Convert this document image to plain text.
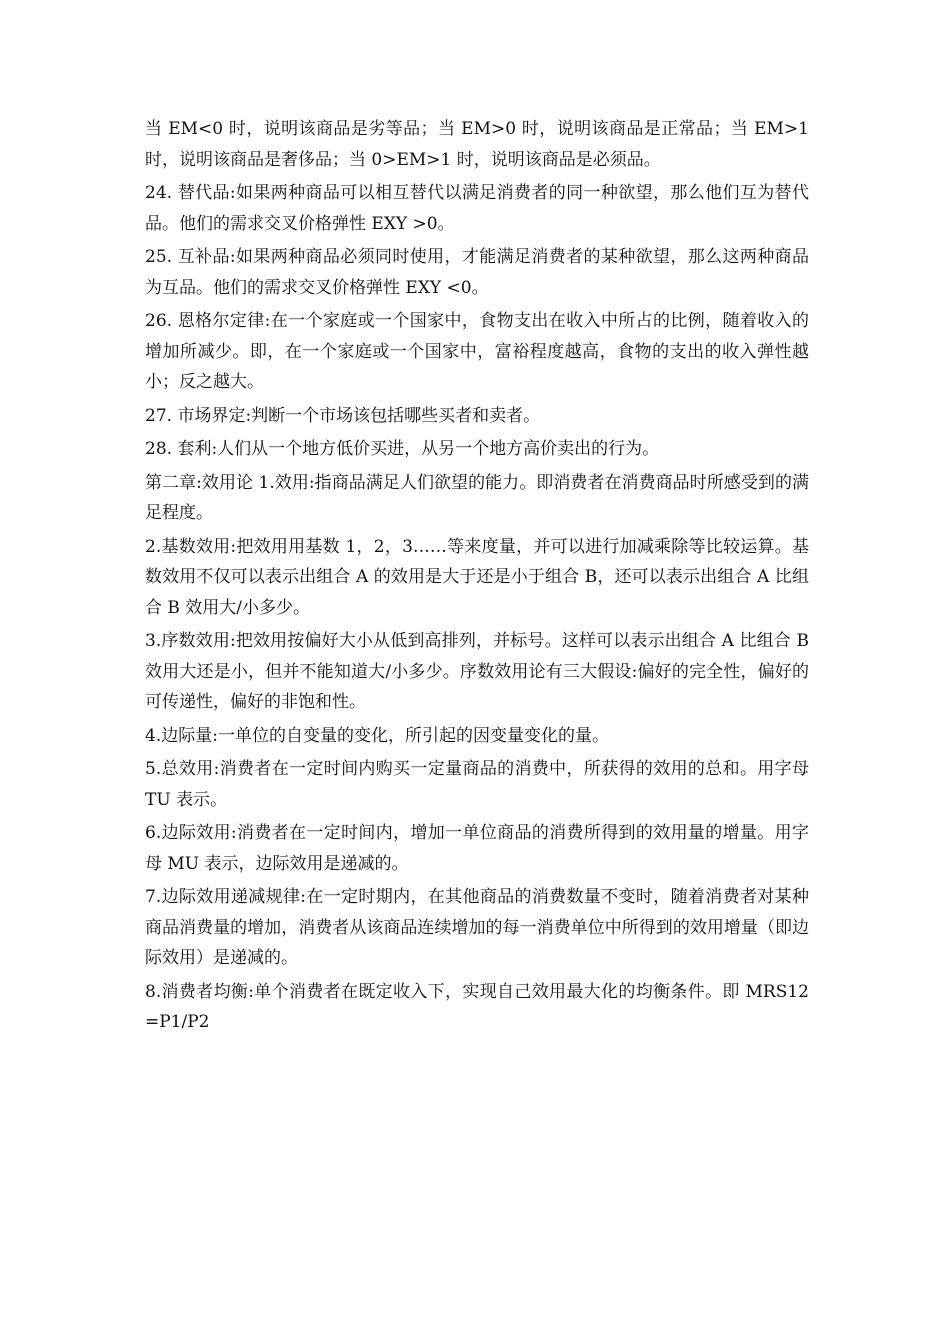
当 EM<0 时，说明该商品是劣等品；当 EM>0 时，说明该商品是正常品；当 EM>1 时，说明该商品是奢侈品；当 0>EM>1 时，说明该商品是必须品。

24. 替代品:如果两种商品可以相互替代以满足消费者的同一种欲望，那么他们互为替代品。他们的需求交叉价格弹性 EXY >0。

25. 互补品:如果两种商品必须同时使用，才能满足消费者的某种欲望，那么这两种商品为互品。他们的需求交叉价格弹性 EXY <0。

26. 恩格尔定律:在一个家庭或一个国家中，食物支出在收入中所占的比例，随着收入的增加所减少。即，在一个家庭或一个国家中，富裕程度越高，食物的支出的收入弹性越小；反之越大。

27. 市场界定:判断一个市场该包括哪些买者和卖者。

28. 套利:人们从一个地方低价买进，从另一个地方高价卖出的行为。

第二章:效用论 1.效用:指商品满足人们欲望的能力。即消费者在消费商品时所感受到的满足程度。

2.基数效用:把效用用基数 1，2，3……等来度量，并可以进行加减乘除等比较运算。基数效用不仅可以表示出组合 A 的效用是大于还是小于组合 B，还可以表示出组合 A 比组合 B 效用大/小多少。

3.序数效用:把效用按偏好大小从低到高排列，并标号。这样可以表示出组合 A 比组合 B 效用大还是小，但并不能知道大/小多少。序数效用论有三大假设:偏好的完全性，偏好的可传递性，偏好的非饱和性。

4.边际量:一单位的自变量的变化，所引起的因变量变化的量。

5.总效用:消费者在一定时间内购买一定量商品的消费中，所获得的效用的总和。用字母 TU 表示。

6.边际效用:消费者在一定时间内，增加一单位商品的消费所得到的效用量的增量。用字母 MU 表示，边际效用是递减的。

7.边际效用递减规律:在一定时期内，在其他商品的消费数量不变时，随着消费者对某种商品消费量的增加，消费者从该商品连续增加的每一消费单位中所得到的效用增量（即边际效用）是递减的。

8.消费者均衡:单个消费者在既定收入下，实现自己效用最大化的均衡条件。即 MRS12=P1/P2
